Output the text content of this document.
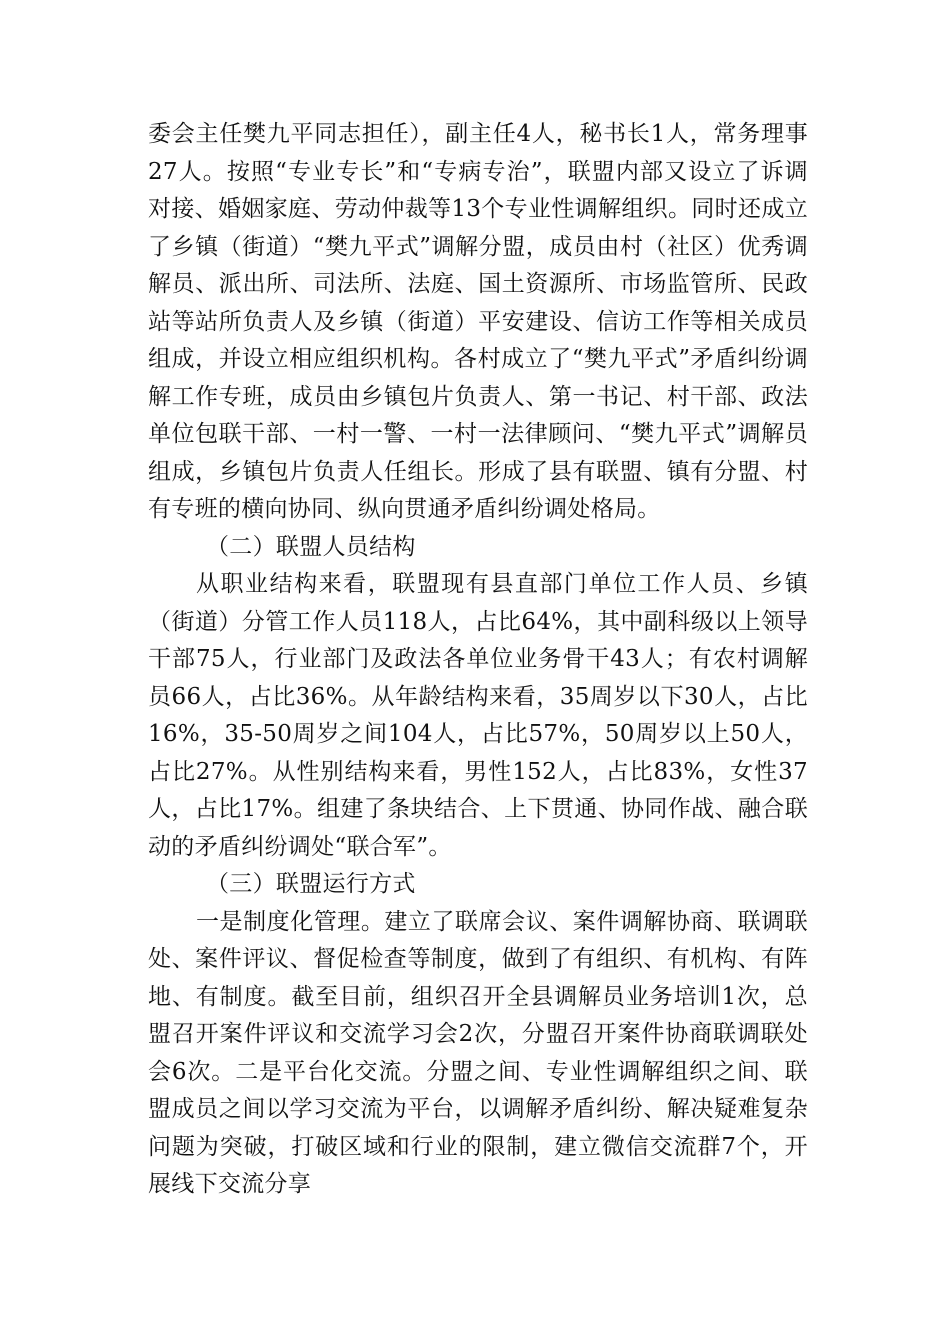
委会主任樊九平同志担任），副主任4人，秘书长1人，常务理事27人。按照“专业专长”和“专病专治”，联盟内部又设立了诉调对接、婚姻家庭、劳动仲裁等13个专业性调解组织。同时还成立了乡镇（街道）“樊九平式”调解分盟，成员由村（社区）优秀调解员、派出所、司法所、法庭、国土资源所、市场监管所、民政站等站所负责人及乡镇（街道）平安建设、信访工作等相关成员组成，并设立相应组织机构。各村成立了“樊九平式”矛盾纠纷调解工作专班，成员由乡镇包片负责人、第一书记、村干部、政法单位包联干部、一村一警、一村一法律顾问、“樊九平式”调解员组成，乡镇包片负责人任组长。形成了县有联盟、镇有分盟、村有专班的横向协同、纵向贯通矛盾纠纷调处格局。

（二）联盟人员结构

从职业结构来看，联盟现有县直部门单位工作人员、乡镇（街道）分管工作人员118人，占比64%，其中副科级以上领导干部75人，行业部门及政法各单位业务骨干43人；有农村调解员66人，占比36%。从年龄结构来看，35周岁以下30人，占比16%，35-50周岁之间104人，占比57%，50周岁以上50人，占比27%。从性别结构来看，男性152人，占比83%，女性37人，占比17%。组建了条块结合、上下贯通、协同作战、融合联动的矛盾纠纷调处“联合军”。

（三）联盟运行方式

一是制度化管理。建立了联席会议、案件调解协商、联调联处、案件评议、督促检查等制度，做到了有组织、有机构、有阵地、有制度。截至目前，组织召开全县调解员业务培训1次，总盟召开案件评议和交流学习会2次，分盟召开案件协商联调联处会6次。二是平台化交流。分盟之间、专业性调解组织之间、联盟成员之间以学习交流为平台，以调解矛盾纠纷、解决疑难复杂问题为突破，打破区域和行业的限制，建立微信交流群7个，开展线下交流分享
